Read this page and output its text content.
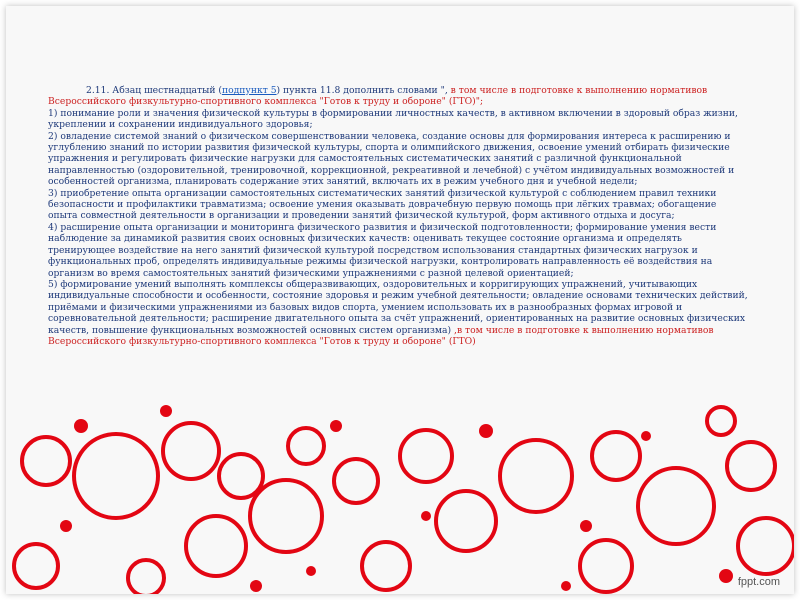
2.11. Абзац шестнадцатый (подпункт 5) пункта 11.8 дополнить словами ", в том числе в подготовке к выполнению нормативов Всероссийского физкультурно-спортивного комплекса "Готов к труду и обороне" (ГТО)";

1) понимание роли и значения физической культуры в формировании личностных качеств, в активном включении в здоровый образ жизни, укреплении и сохранении индивидуального здоровья;

2) овладение системой знаний о физическом совершенствовании человека, создание основы для формирования интереса к расширению и углублению знаний по истории развития физической культуры, спорта и олимпийского движения, освоение умений отбирать физические упражнения и регулировать физические нагрузки для самостоятельных систематических занятий с различной функциональной направленностью (оздоровительной, тренировочной, коррекционной, рекреативной и лечебной) с учётом индивидуальных возможностей и особенностей организма, планировать содержание этих занятий, включать их в режим учебного дня и учебной недели;

3) приобретение опыта организации самостоятельных систематических занятий физической культурой с соблюдением правил техники безопасности и профилактики травматизма; освоение умения оказывать доврачебную первую помощь при лёгких травмах; обогащение опыта совместной деятельности в организации и проведении занятий физической культурой, форм активного отдыха и досуга;

4) расширение опыта организации и мониторинга физического развития и физической подготовленности; формирование умения вести наблюдение за динамикой развития своих основных физических качеств: оценивать текущее состояние организма и определять тренирующее воздействие на него занятий физической культурой посредством использования стандартных физических нагрузок и функциональных проб, определять индивидуальные режимы физической нагрузки, контролировать направленность её воздействия на организм во время самостоятельных занятий физическими упражнениями с разной целевой ориентацией;

5) формирование умений выполнять комплексы общеразвивающих, оздоровительных и корригирующих упражнений, учитывающих индивидуальные способности и особенности, состояние здоровья и режим учебной деятельности; овладение основами технических действий, приёмами и физическими упражнениями из базовых видов спорта, умением использовать их в разнообразных формах игровой и соревновательной деятельности; расширение двигательного опыта за счёт упражнений, ориентированных на развитие основных физических качеств, повышение функциональных возможностей основных систем организма) ,в том числе в подготовке к выполнению нормативов Всероссийского физкультурно-спортивного комплекса "Готов к труду и обороне" (ГТО)

fppt.com
